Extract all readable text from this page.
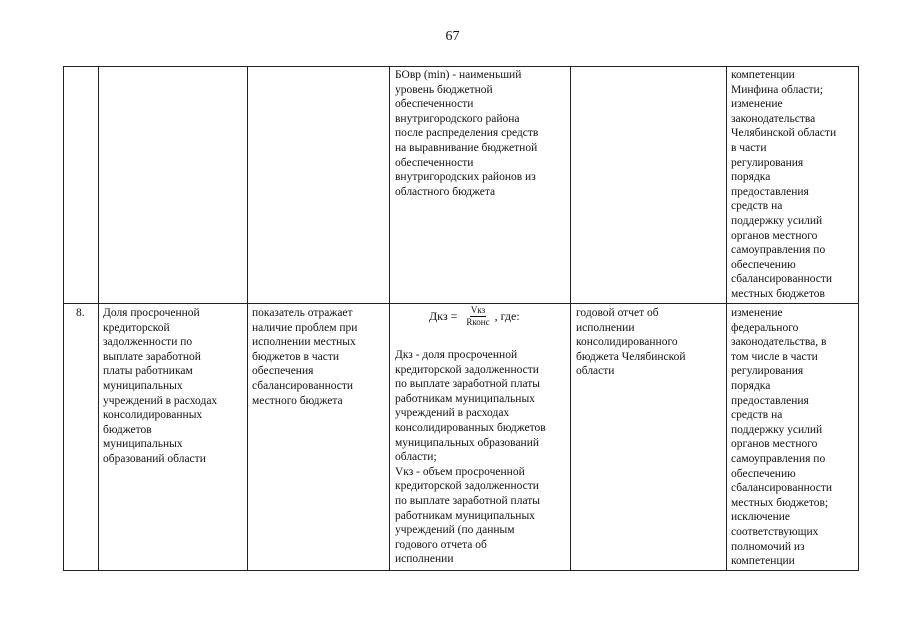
67
БОвр (min) - наименьший
уровень бюджетной
обеспеченности
внутригородского района
после распределения средств
на выравнивание бюджетной
обеспеченности
внутригородских районов из
областного бюджета
компетенции
Минфина области;
изменение
законодательства
Челябинской области
в части
регулирования
порядка
предоставления
средств на
поддержку усилий
органов местного
самоуправления по
обеспечению
сбалансированности
местных бюджетов
8.	Доля просроченной
кредиторской
задолженности по
выплате заработной
платы работникам
муниципальных
учреждений в расходах
консолидированных
бюджетов
муниципальных
образований области
показатель отражает
наличие проблем при
исполнении местных
бюджетов в части
обеспечения
сбалансированности
местного бюджета
Дкз = $\frac{\text{Vкз}}{\text{Rконс}}$ , где:
Дкз - доля просроченной
кредиторской задолженности
по выплате заработной платы
работникам муниципальных
учреждений в расходах
консолидированных бюджетов
муниципальных образований
области;
Vкз - объем просроченной
кредиторской задолженности
по выплате заработной платы
работникам муниципальных
учреждений (по данным
годового отчета об
исполнении
годовой отчет об
исполнении
консолидированного
бюджета Челябинской
области
изменение
федерального
законодательства, в
том числе в части
регулирования
порядка
предоставления
средств на
поддержку усилий
органов местного
самоуправления по
обеспечению
сбалансированности
местных бюджетов;
исключение
соответствующих
полномочий из
компетенции
